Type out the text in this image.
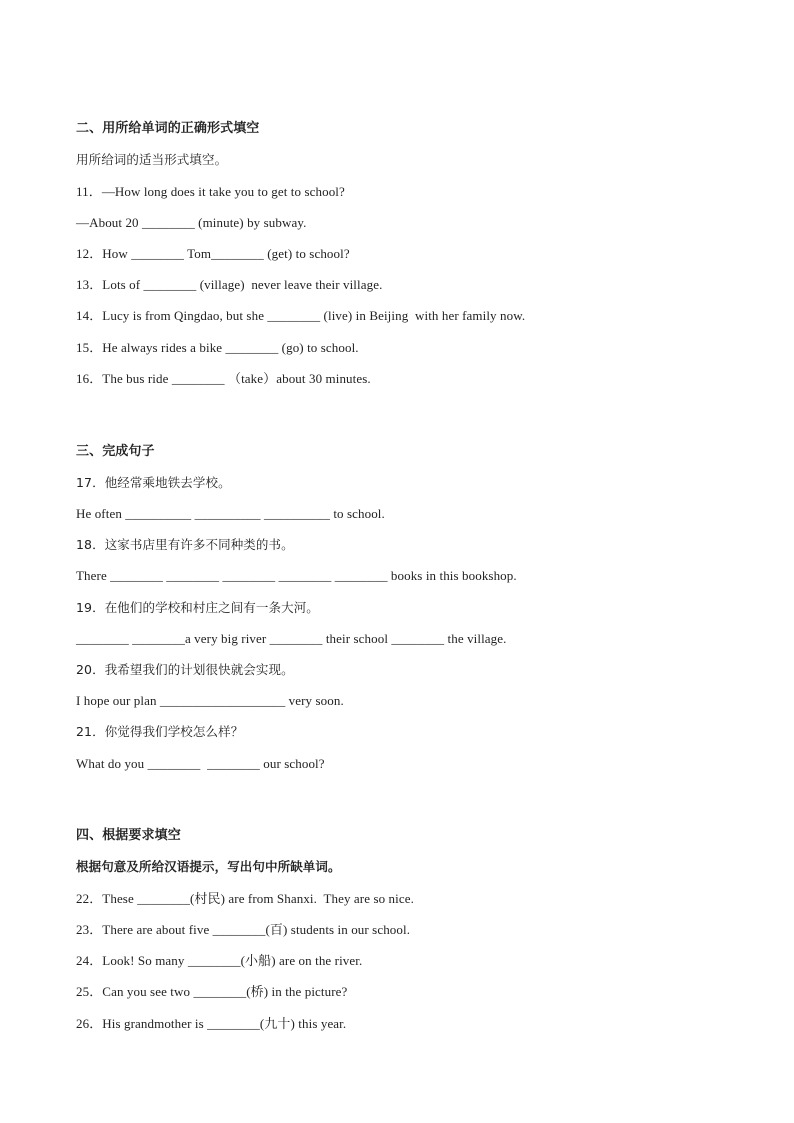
二、用所给单词的正确形式填空
用所给词的适当形式填空。
11．—How long does it take you to get to school?
—About 20 ________ (minute) by subway.
12．How ________ Tom________ (get) to school?
13．Lots of ________ (village)  never leave their village.
14．Lucy is from Qingdao, but she ________ (live) in Beijing  with her family now.
15．He always rides a bike ________ (go) to school.
16．The bus ride ________ （take）about 30 minutes.
三、完成句子
17．他经常乘地铁去学校。
He often __________ __________ __________ to school.
18．这家书店里有许多不同种类的书。
There ________ ________ ________ ________ ________ books in this bookshop.
19．在他们的学校和村庄之间有一条大河。
________ ________a very big river ________ their school ________ the village.
20．我希望我们的计划很快就会实现。
I hope our plan ___________________ very soon.
21．你觉得我们学校怎么样？
What do you ________  ________ our school?
四、根据要求填空
根据句意及所给汉语提示，写出句中所缺单词。
22．These ________(村民) are from Shanxi.  They are so nice.
23．There are about five ________(百) students in our school.
24．Look! So many ________(小船) are on the river.
25．Can you see two ________(桥) in the picture?
26．His grandmother is ________(九十) this year.
